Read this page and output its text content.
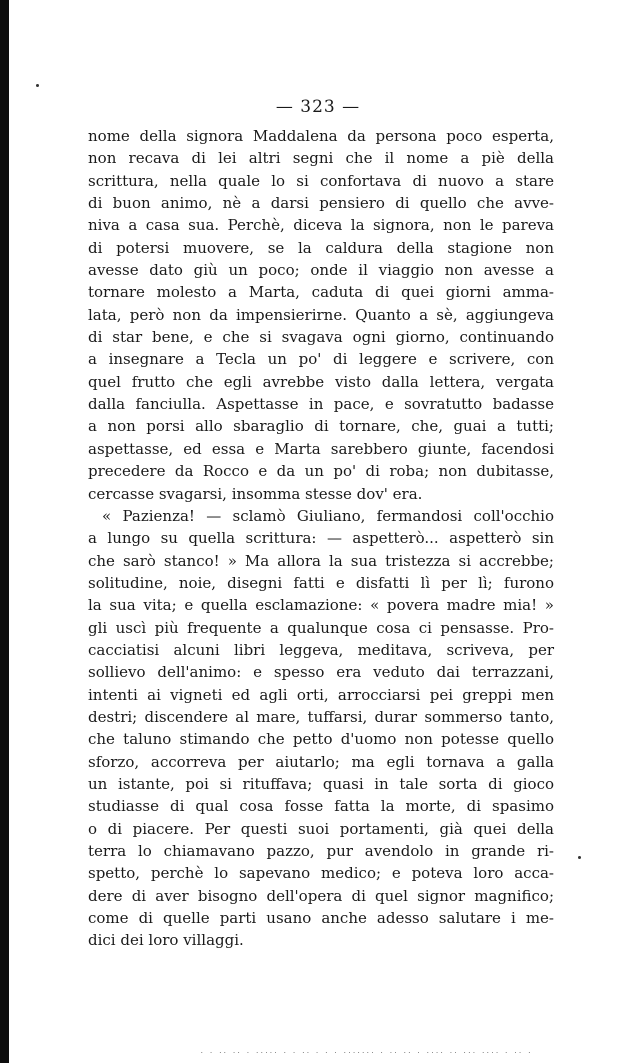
— 323 —
nome della signora Maddalena da persona poco esperta,
non recava di lei altri segni che il nome a piè della
scrittura, nella quale lo si confortava di nuovo a stare
di buon animo, nè a darsi pensiero di quello che avve-
niva a casa sua. Perchè, diceva la signora, non le pareva
di potersi muovere, se la caldura della stagione non
avesse dato giù un poco; onde il viaggio non avesse a
tornare molesto a Marta, caduta di quei giorni amma-
lata, però non da impensierirne. Quanto a sè, aggiungeva
di star bene, e che si svagava ogni giorno, continuando
a insegnare a Tecla un po' di leggere e scrivere, con
quel frutto che egli avrebbe visto dalla lettera, vergata
dalla fanciulla. Aspettasse in pace, e sovratutto badasse
a non porsi allo sbaraglio di tornare, che, guai a tutti;
aspettasse, ed essa e Marta sarebbero giunte, facendosi
precedere da Rocco e da un po' di roba; non dubitasse,
cercasse svagarsi, insomma stesse dov' era.
« Pazienza! — sclamò Giuliano, fermandosi coll'occhio
a lungo su quella scrittura: — aspetterò... aspetterò sin
che sarò stanco! » Ma allora la sua tristezza si accrebbe;
solitudine, noie, disegni fatti e disfatti lì per lì; furono
la sua vita; e quella esclamazione: « povera madre mia! »
gli uscì più frequente a qualunque cosa ci pensasse. Pro-
cacciatisi alcuni libri leggeva, meditava, scriveva, per
sollievo dell'animo: e spesso era veduto dai terrazzani,
intenti ai vigneti ed agli orti, arrocciarsi pei greppi men
destri; discendere al mare, tuffarsi, durar sommerso tanto,
che taluno stimando che petto d'uomo non potesse quello
sforzo, accorreva per aiutarlo; ma egli tornava a galla
un istante, poi si rituffava; quasi in tale sorta di gioco
studiasse di qual cosa fosse fatta la morte, di spasimo
o di piacere. Per questi suoi portamenti, già quei della
terra lo chiamavano pazzo, pur avendolo in grande ri-
spetto, perchè lo sapevano medico; e poteva loro acca-
dere di aver bisogno dell'opera di quel signor magnifico;
come di quelle parti usano anche adesso salutare i me-
dici dei loro villaggi.
. . .. .. . ..... . . .. . . . ....... . .. .. . .... .. ... .... . .. .
